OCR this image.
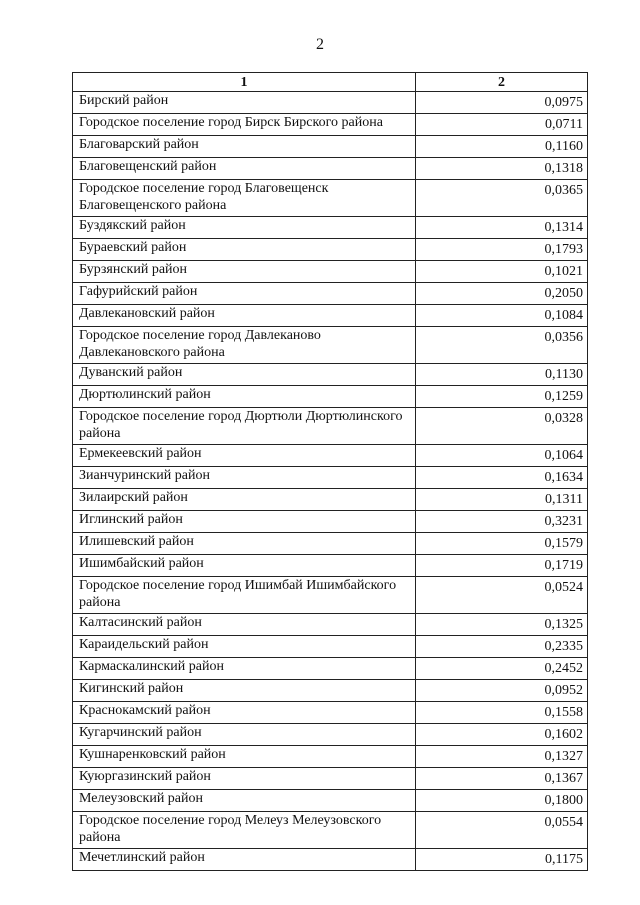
2
1	2
Бирский район	0,0975
Городское поселение город Бирск Бирского района	0,0711
Благоварский район	0,1160
Благовещенский район	0,1318
Городское поселение город Благовещенск Благовещенского района	0,0365
Буздякский район	0,1314
Бураевский район	0,1793
Бурзянский район	0,1021
Гафурийский район	0,2050
Давлекановский район	0,1084
Городское поселение город Давлеканово Давлекановского района	0,0356
Дуванский район	0,1130
Дюртюлинский район	0,1259
Городское поселение город Дюртюли Дюртюлинского района	0,0328
Ермекеевский район	0,1064
Зианчуринский район	0,1634
Зилаирский район	0,1311
Иглинский район	0,3231
Илишевский район	0,1579
Ишимбайский район	0,1719
Городское поселение город Ишимбай Ишимбайского района	0,0524
Калтасинский район	0,1325
Караидельский район	0,2335
Кармаскалинский район	0,2452
Кигинский район	0,0952
Краснокамский район	0,1558
Кугарчинский район	0,1602
Кушнаренковский район	0,1327
Куюргазинский район	0,1367
Мелеузовский район	0,1800
Городское поселение город Мелеуз Мелеузовского района	0,0554
Мечетлинский район	0,1175
